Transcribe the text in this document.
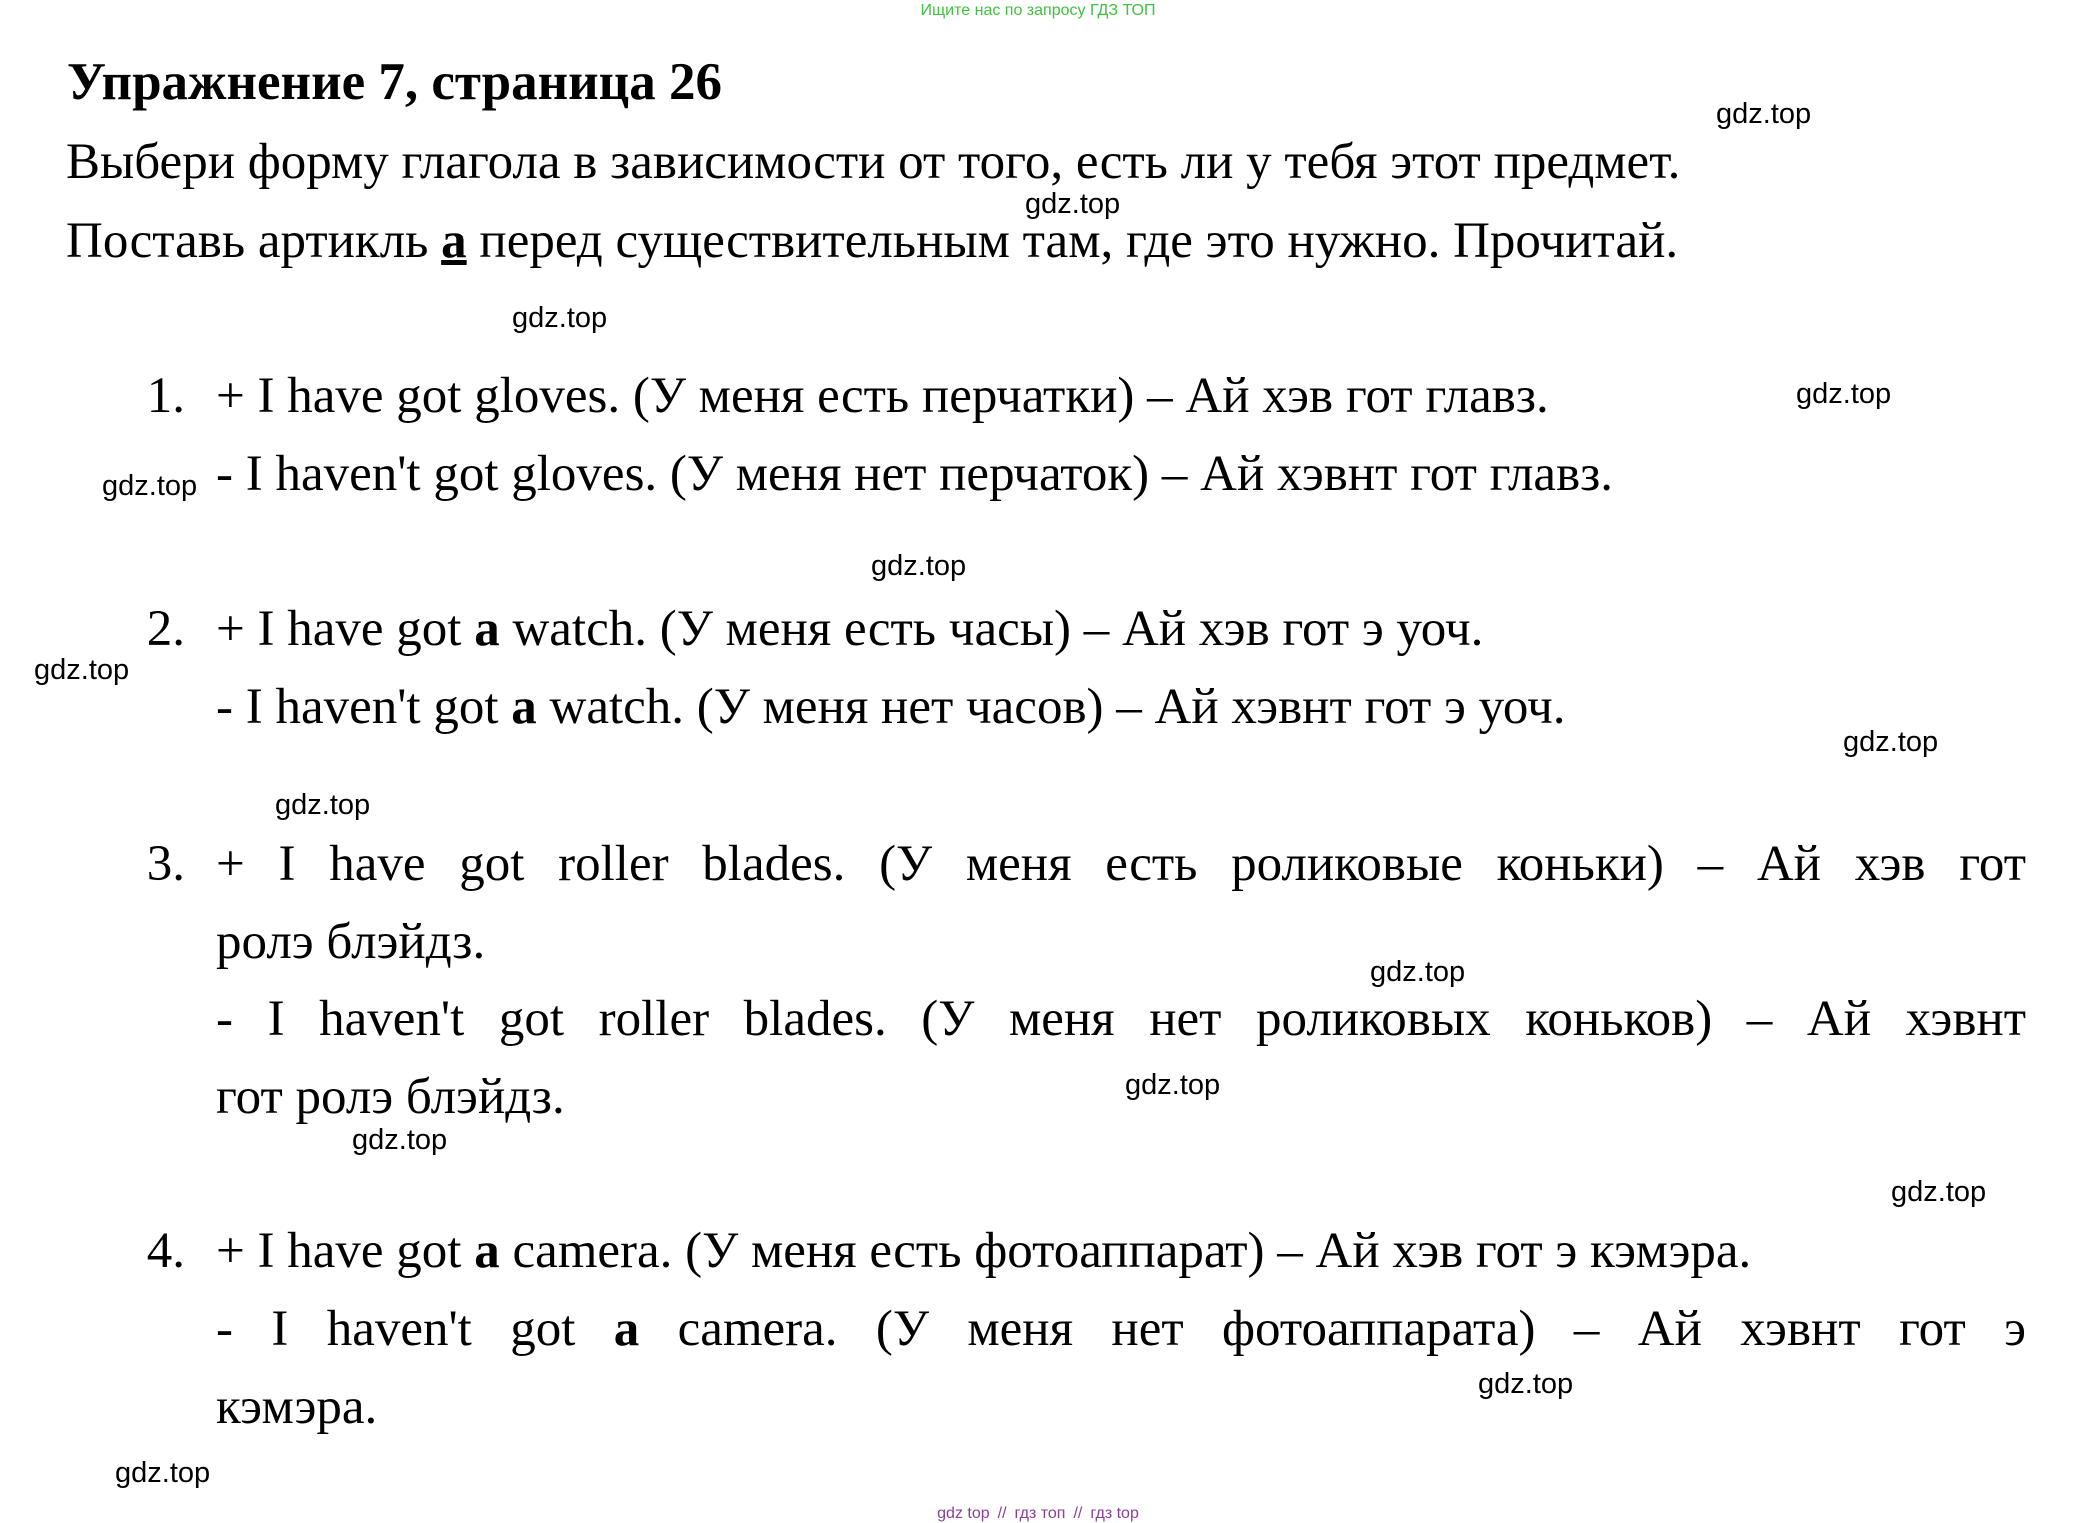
Ищите нас по запросу ГДЗ ТОП
Упражнение 7, страница 26
Выбери форму глагола в зависимости от того, есть ли у тебя этот предмет.
Поставь артикль a перед существительным там, где это нужно. Прочитай.
1. + I have got gloves. (У меня есть перчатки) – Ай хэв гот главз.
- I haven't got gloves. (У меня нет перчаток) – Ай хэвнт гот главз.
2. + I have got a watch. (У меня есть часы) – Ай хэв гот э уоч.
- I haven't got a watch. (У меня нет часов) – Ай хэвнт гот э уоч.
3. + I have got roller blades. (У меня есть роликовые коньки) – Ай хэв гот
ролэ блэйдз.
- I haven't got roller blades. (У меня нет роликовых коньков) – Ай хэвнт
гот ролэ блэйдз.
4. + I have got a camera. (У меня есть фотоаппарат) – Ай хэв гот э кэмэра.
- I haven't got a camera. (У меня нет фотоаппарата) – Ай хэвнт гот э
кэмэра.
gdz.top
gdz.top
gdz.top
gdz.top
gdz.top
gdz.top
gdz.top
gdz.top
gdz.top
gdz.top
gdz.top
gdz.top
gdz.top
gdz.top
gdz.top
gdz top // гдз топ // гдз top
